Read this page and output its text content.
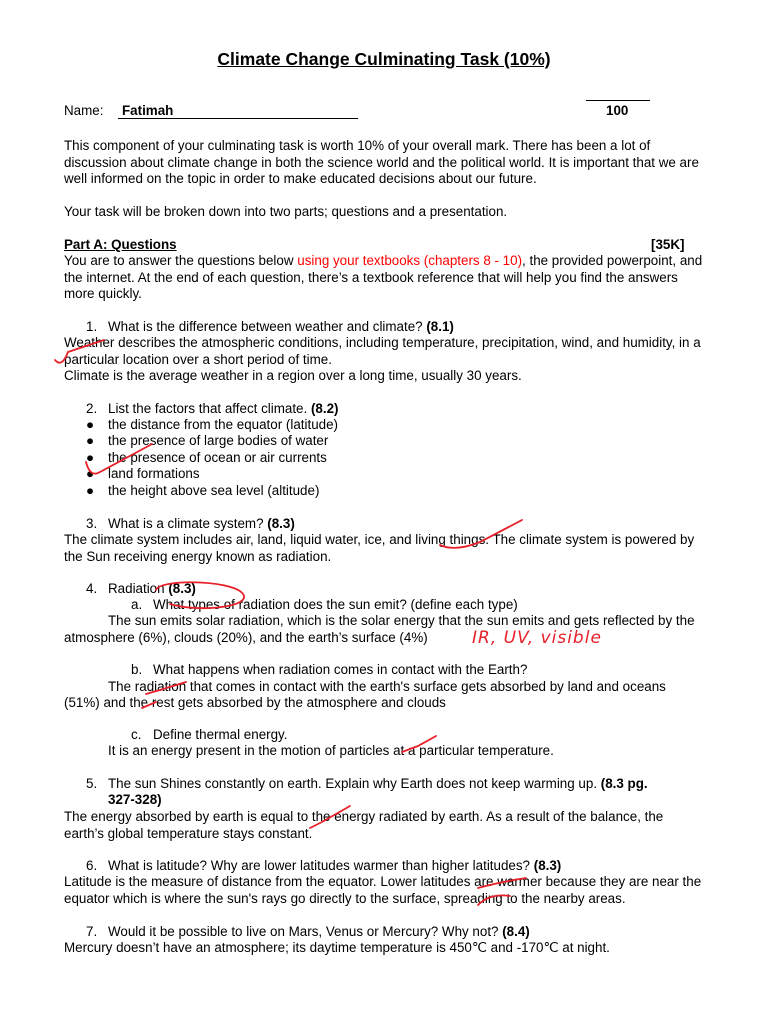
Climate Change Culminating Task (10%)
Name:	Fatimah	100
This component of your culminating task is worth 10% of your overall mark. There has been a lot of discussion about climate change in both the science world and the political world. It is important that we are well informed on the topic in order to make educated decisions about our future.
Your task will be broken down into two parts; questions and a presentation.
Part A: Questions	[35K]
You are to answer the questions below using your textbooks (chapters 8 - 10), the provided powerpoint, and the internet. At the end of each question, there’s a textbook reference that will help you find the answers more quickly.
1. What is the difference between weather and climate? (8.1)
Weather describes the atmospheric conditions, including temperature, precipitation, wind, and humidity, in a particular location over a short period of time.
Climate is the average weather in a region over a long time, usually 30 years.
2. List the factors that affect climate. (8.2)
● the distance from the equator (latitude)
● the presence of large bodies of water
● the presence of ocean or air currents
● land formations
● the height above sea level (altitude)
3. What is a climate system? (8.3)
The climate system includes air, land, liquid water, ice, and living things. The climate system is powered by the Sun receiving energy known as radiation.
4. Radiation (8.3)
a. What types of radiation does the sun emit? (define each type)
The sun emits solar radiation, which is the solar energy that the sun emits and gets reflected by the atmosphere (6%), clouds (20%), and the earth’s surface (4%)	IR, UV, visible
b. What happens when radiation comes in contact with the Earth?
The radiation that comes in contact with the earth's surface gets absorbed by land and oceans
(51%) and the rest gets absorbed by the atmosphere and clouds
c. Define thermal energy.
It is an energy present in the motion of particles at a particular temperature.
5. The sun Shines constantly on earth. Explain why Earth does not keep warming up. (8.3 pg.
327-328)
The energy absorbed by earth is equal to the energy radiated by earth. As a result of the balance, the earth’s global temperature stays constant.
6. What is latitude? Why are lower latitudes warmer than higher latitudes? (8.3)
Latitude is the measure of distance from the equator. Lower latitudes are warmer because they are near the equator which is where the sun's rays go directly to the surface, spreading to the nearby areas.
7. Would it be possible to live on Mars, Venus or Mercury? Why not? (8.4)
Mercury doesn’t have an atmosphere; its daytime temperature is 450℃ and -170℃ at night.
